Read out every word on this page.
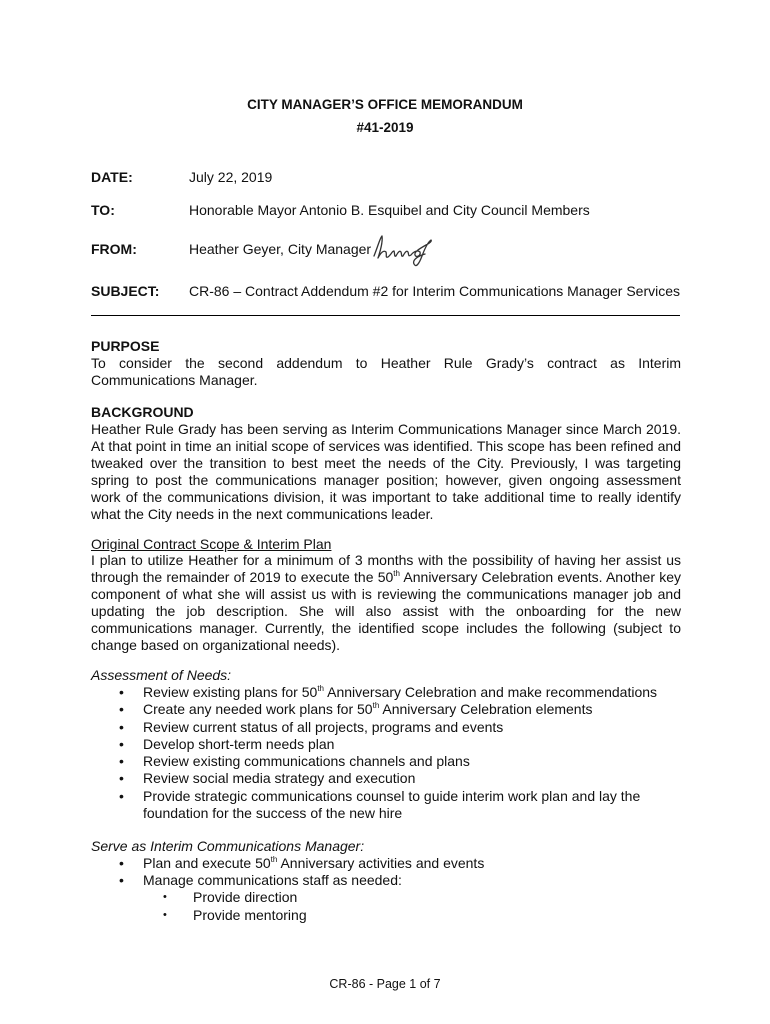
CITY MANAGER’S OFFICE MEMORANDUM
#41-2019
DATE:	July 22, 2019
TO:	Honorable Mayor Antonio B. Esquibel and City Council Members
FROM:	Heather Geyer, City Manager
SUBJECT: CR-86 – Contract Addendum #2 for Interim Communications Manager Services
PURPOSE
To consider the second addendum to Heather Rule Grady’s contract as Interim Communications Manager.
BACKGROUND
Heather Rule Grady has been serving as Interim Communications Manager since March 2019. At that point in time an initial scope of services was identified. This scope has been refined and tweaked over the transition to best meet the needs of the City. Previously, I was targeting spring to post the communications manager position; however, given ongoing assessment work of the communications division, it was important to take additional time to really identify what the City needs in the next communications leader.
Original Contract Scope & Interim Plan
I plan to utilize Heather for a minimum of 3 months with the possibility of having her assist us through the remainder of 2019 to execute the 50th Anniversary Celebration events. Another key component of what she will assist us with is reviewing the communications manager job and updating the job description. She will also assist with the onboarding for the new communications manager. Currently, the identified scope includes the following (subject to change based on organizational needs).
Assessment of Needs:
• Review existing plans for 50th Anniversary Celebration and make recommendations
• Create any needed work plans for 50th Anniversary Celebration elements
• Review current status of all projects, programs and events
• Develop short-term needs plan
• Review existing communications channels and plans
• Review social media strategy and execution
• Provide strategic communications counsel to guide interim work plan and lay the foundation for the success of the new hire
Serve as Interim Communications Manager:
• Plan and execute 50th Anniversary activities and events
• Manage communications staff as needed:
• Provide direction
• Provide mentoring
CR-86 - Page 1 of 7
